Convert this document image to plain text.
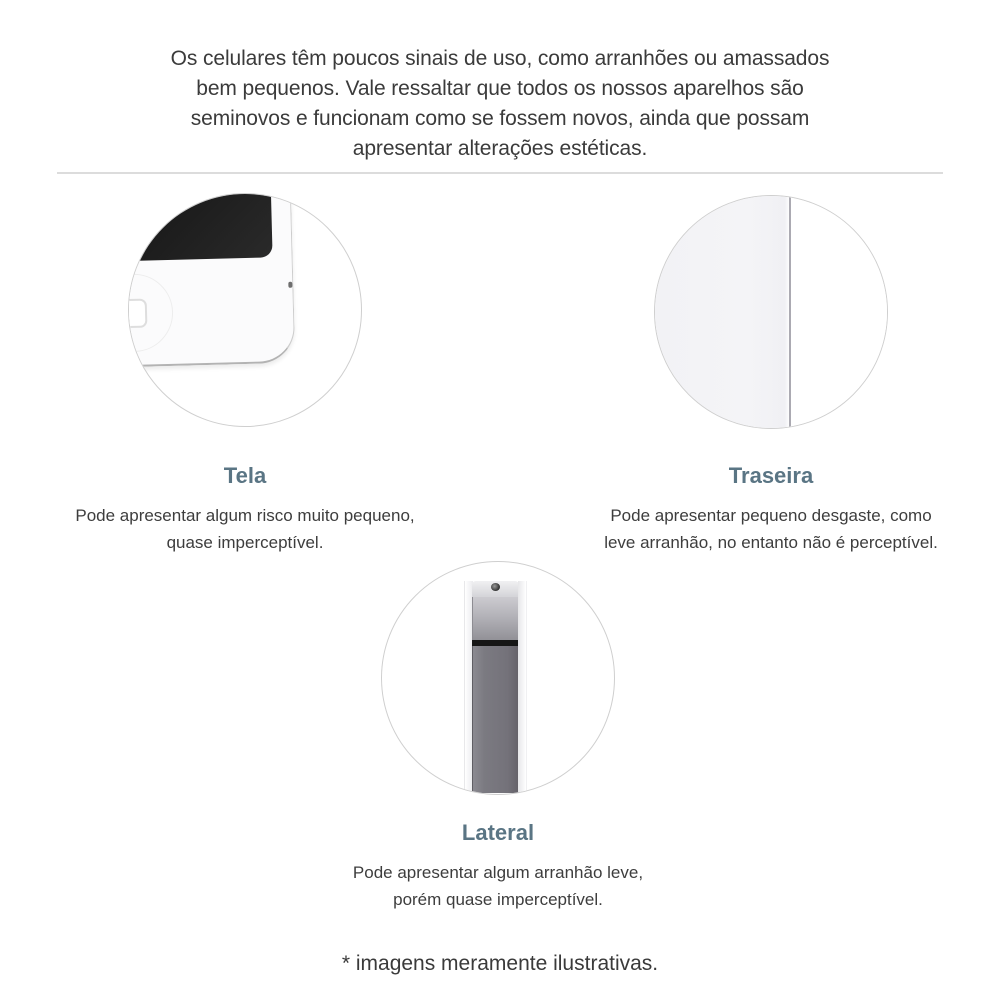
Os celulares têm poucos sinais de uso, como arranhões ou amassados
bem pequenos. Vale ressaltar que todos os nossos aparelhos são
seminovos e funcionam como se fossem novos, ainda que possam
apresentar alterações estéticas.
Tela

Pode apresentar algum risco muito pequeno,
quase imperceptível.

Traseira

Pode apresentar pequeno desgaste, como
leve arranhão, no entanto não é perceptível.

Lateral

Pode apresentar algum arranhão leve,
porém quase imperceptível.

* imagens meramente ilustrativas.
